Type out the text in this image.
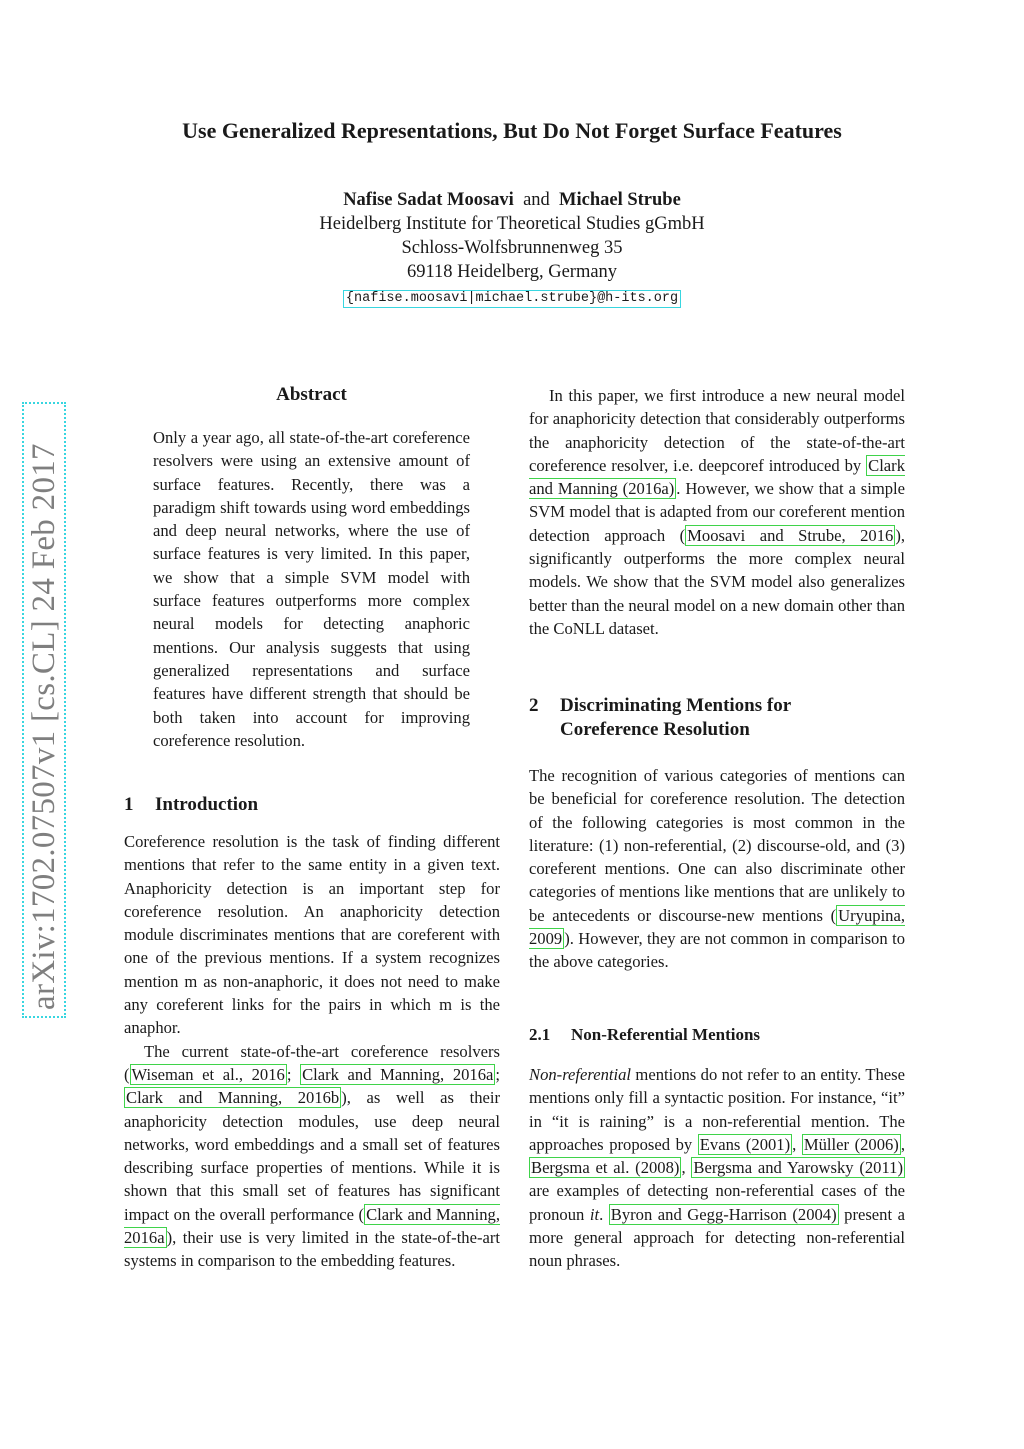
Use Generalized Representations, But Do Not Forget Surface Features
Nafise Sadat Moosavi and Michael Strube
Heidelberg Institute for Theoretical Studies gGmbH
Schloss-Wolfsbrunnenweg 35
69118 Heidelberg, Germany
{nafise.moosavi|michael.strube}@h-its.org
arXiv:1702.07507v1 [cs.CL] 24 Feb 2017
Abstract

Only a year ago, all state-of-the-art coreference resolvers were using an extensive amount of surface features. Recently, there was a paradigm shift towards using word embeddings and deep neural networks, where the use of surface features is very limited. In this paper, we show that a simple SVM model with surface features outperforms more complex neural models for detecting anaphoric mentions. Our analysis suggests that using generalized representations and surface features have different strength that should be both taken into account for improving coreference resolution.

1 Introduction

Coreference resolution is the task of finding different mentions that refer to the same entity in a given text. Anaphoricity detection is an important step for coreference resolution. An anaphoricity detection module discriminates mentions that are coreferent with one of the previous mentions. If a system recognizes mention m as non-anaphoric, it does not need to make any coreferent links for the pairs in which m is the anaphor.

The current state-of-the-art coreference resolvers ( Wiseman et al., 2016 ; Clark and Manning, 2016a ; Clark and Manning, 2016b ), as well as their anaphoricity detection modules, use deep neural networks, word embeddings and a small set of features describing surface properties of mentions. While it is shown that this small set of features has significant impact on the overall performance ( Clark and Manning, 2016a ), their use is very limited in the state-of-the-art systems in comparison to the embedding features.

In this paper, we first introduce a new neural model for anaphoricity detection that considerably outperforms the anaphoricity detection of the state-of-the-art coreference resolver, i.e. deepcoref introduced by Clark and Manning (2016a) . However, we show that a simple SVM model that is adapted from our coreferent mention detection approach ( Moosavi and Strube, 2016 ), significantly outperforms the more complex neural models. We show that the SVM model also generalizes better than the neural model on a new domain other than the CoNLL dataset.

2 Discriminating Mentions for
Coreference Resolution

The recognition of various categories of mentions can be beneficial for coreference resolution. The detection of the following categories is most common in the literature: (1) non-referential, (2) discourse-old, and (3) coreferent mentions. One can also discriminate other categories of mentions like mentions that are unlikely to be antecedents or discourse-new mentions ( Uryupina, 2009 ). However, they are not common in comparison to the above categories.

2.1 Non-Referential Mentions

Non-referential mentions do not refer to an entity. These mentions only fill a syntactic position. For instance, “it” in “it is raining” is a non-referential mention. The approaches proposed by Evans (2001) , Müller (2006) , Bergsma et al. (2008) , Bergsma and Yarowsky (2011) are examples of detecting non-referential cases of the pronoun it. Byron and Gegg-Harrison (2004) present a more general approach for detecting non-referential noun phrases.
